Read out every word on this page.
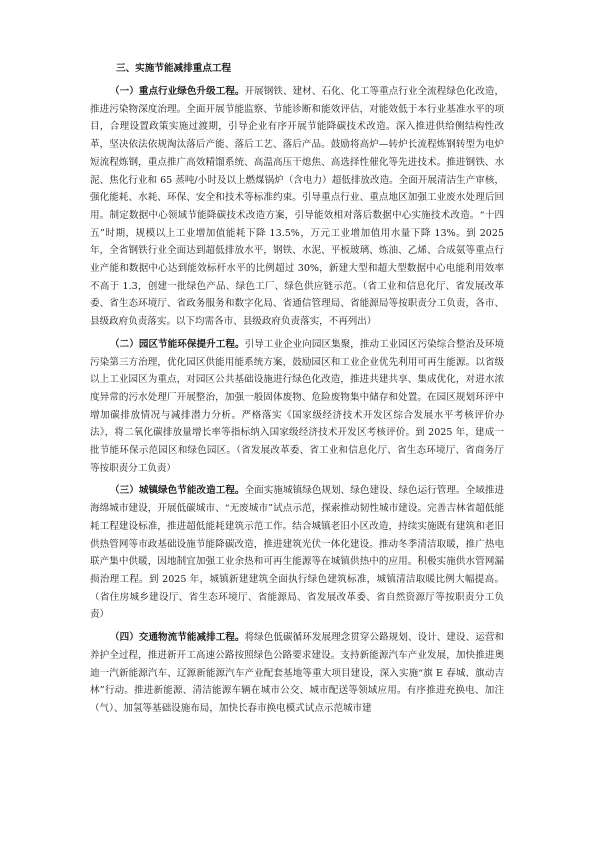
三、实施节能减排重点工程

（一）重点行业绿色升级工程。开展钢铁、建材、石化、化工等重点行业全流程绿色化改造，推进污染物深度治理。全面开展节能监察、节能诊断和能效评估，对能效低于本行业基准水平的项目，合理设置政策实施过渡期，引导企业有序开展节能降碳技术改造。深入推进供给侧结构性改革，坚决依法依规淘汰落后产能、落后工艺、落后产品。鼓励将高炉—转炉长流程炼钢转型为电炉短流程炼钢，重点推广高效精馏系统、高温高压干熄焦、高选择性催化等先进技术。推进钢铁、水泥、焦化行业和 65 蒸吨/小时及以上燃煤锅炉（含电力）超低排放改造。全面开展清洁生产审核，强化能耗、水耗、环保、安全和技术等标准约束。引导重点行业、重点地区加强工业废水处理后回用。制定数据中心领域节能降碳技术改造方案，引导能效相对落后数据中心实施技术改造。“十四五”时期，规模以上工业增加值能耗下降 13.5%，万元工业增加值用水量下降 13%。到 2025 年，全省钢铁行业全面达到超低排放水平，钢铁、水泥、平板玻璃、炼油、乙烯、合成氨等重点行业产能和数据中心达到能效标杆水平的比例超过 30%，新建大型和超大型数据中心电能利用效率不高于 1.3，创建一批绿色产品、绿色工厂、绿色供应链示范。（省工业和信息化厅、省发展改革委、省生态环境厅、省政务服务和数字化局、省通信管理局、省能源局等按职责分工负责，各市、县级政府负责落实。以下均需各市、县级政府负责落实，不再列出）

（二）园区节能环保提升工程。引导工业企业向园区集聚，推动工业园区污染综合整治及环境污染第三方治理，优化园区供能用能系统方案，鼓励园区和工业企业优先利用可再生能源。以省级以上工业园区为重点，对园区公共基础设施进行绿色化改造，推进共建共享、集成优化，对进水浓度异常的污水处理厂开展整治，加强一般固体废物、危险废物集中储存和处置。在园区规划环评中增加碳排放情况与减排潜力分析。严格落实《国家级经济技术开发区综合发展水平考核评价办法》，将二氧化碳排放量增长率等指标纳入国家级经济技术开发区考核评价。到 2025 年，建成一批节能环保示范园区和绿色园区。（省发展改革委、省工业和信息化厅、省生态环境厅、省商务厅等按职责分工负责）

（三）城镇绿色节能改造工程。全面实施城镇绿色规划、绿色建设、绿色运行管理。全域推进海绵城市建设，开展低碳城市、“无废城市”试点示范，探索推动韧性城市建设。完善吉林省超低能耗工程建设标准，推进超低能耗建筑示范工作。结合城镇老旧小区改造，持续实施既有建筑和老旧供热管网等市政基础设施节能降碳改造，推进建筑光伏一体化建设。推动冬季清洁取暖，推广热电联产集中供暖，因地制宜加强工业余热和可再生能源等在城镇供热中的应用。积极实施供水管网漏损治理工程。到 2025 年，城镇新建建筑全面执行绿色建筑标准，城镇清洁取暖比例大幅提高。（省住房城乡建设厅、省生态环境厅、省能源局、省发展改革委、省自然资源厅等按职责分工负责）

（四）交通物流节能减排工程。将绿色低碳循环发展理念贯穿公路规划、设计、建设、运营和养护全过程，推进新开工高速公路按照绿色公路要求建设。支持新能源汽车产业发展，加快推进奥迪一汽新能源汽车、辽源新能源汽车产业配套基地等重大项目建设，深入实施“旗 E 春城、旗动吉林”行动。推进新能源、清洁能源车辆在城市公交、城市配送等领域应用。有序推进充换电、加注（气）、加氢等基础设施布局，加快长春市换电模式试点示范城市建
